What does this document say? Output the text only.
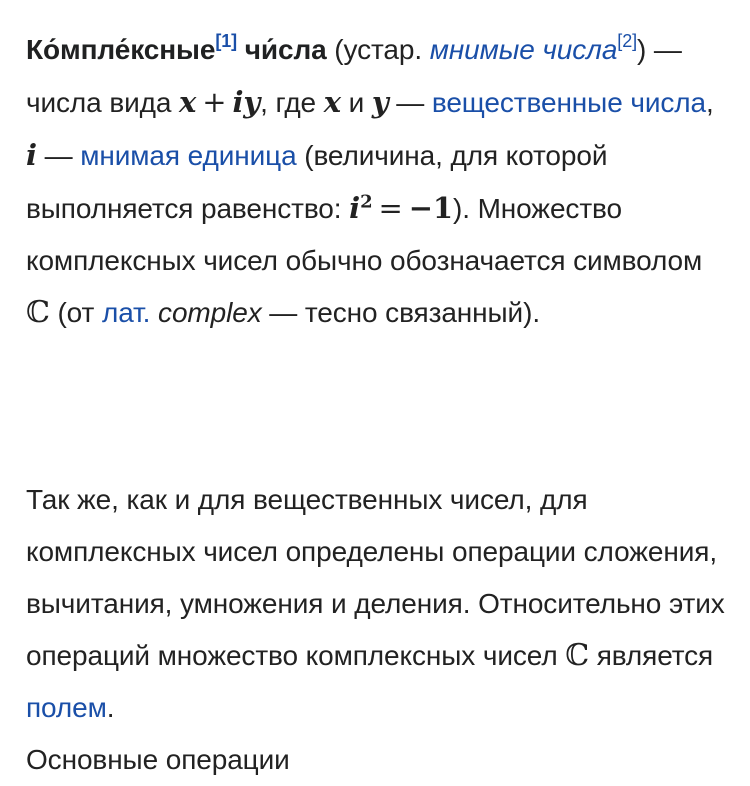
Ко́мпле́ксные[1] чи́сла (устар. мнимые числа[2]) — числа вида x + iy, где x и y — вещественные числа, i — мнимая единица (величина, для которой выполняется равенство: $i^2 = -1$). Множество комплексных чисел обычно обозначается символом ℂ (от лат. complex — тесно связанный).

Так же, как и для вещественных чисел, для комплексных чисел определены операции сложения, вычитания, умножения и деления. Относительно этих операций множество комплексных чисел ℂ является полем.

Основные операции
